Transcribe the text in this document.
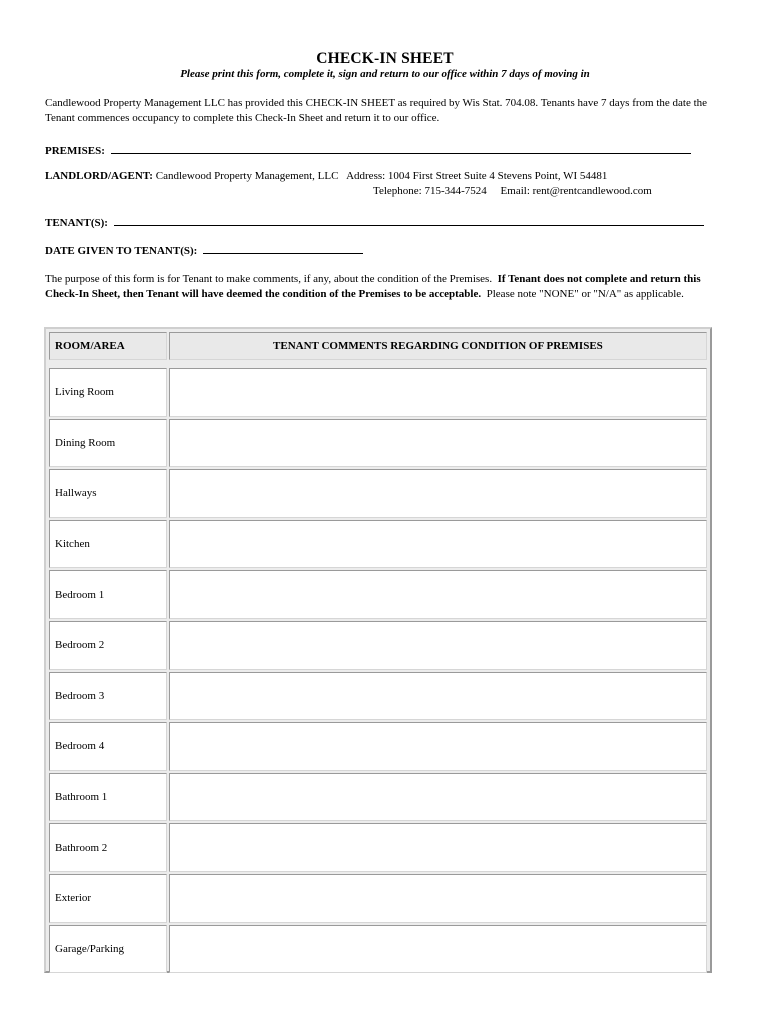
CHECK-IN SHEET
Please print this form, complete it, sign and return to our office within 7 days of moving in
Candlewood Property Management LLC has provided this CHECK-IN SHEET as required by Wis Stat. 704.08. Tenants have 7 days from the date the Tenant commences occupancy to complete this Check-In Sheet and return it to our office.
PREMISES:
LANDLORD/AGENT: Candlewood Property Management, LLC Address: 1004 First Street Suite 4 Stevens Point, WI 54481
Telephone: 715-344-7524 Email: rent@rentcandlewood.com
TENANT(S):
DATE GIVEN TO TENANT(S):
The purpose of this form is for Tenant to make comments, if any, about the condition of the Premises. If Tenant does not complete and return this Check-In Sheet, then Tenant will have deemed the condition of the Premises to be acceptable. Please note "NONE" or "N/A" as applicable.
ROOM/AREA	TENANT COMMENTS REGARDING CONDITION OF PREMISES

Living Room	
Dining Room	
Hallways	
Kitchen	
Bedroom 1	
Bedroom 2	
Bedroom 3	
Bedroom 4	
Bathroom 1	
Bathroom 2	
Exterior	
Garage/Parking	
